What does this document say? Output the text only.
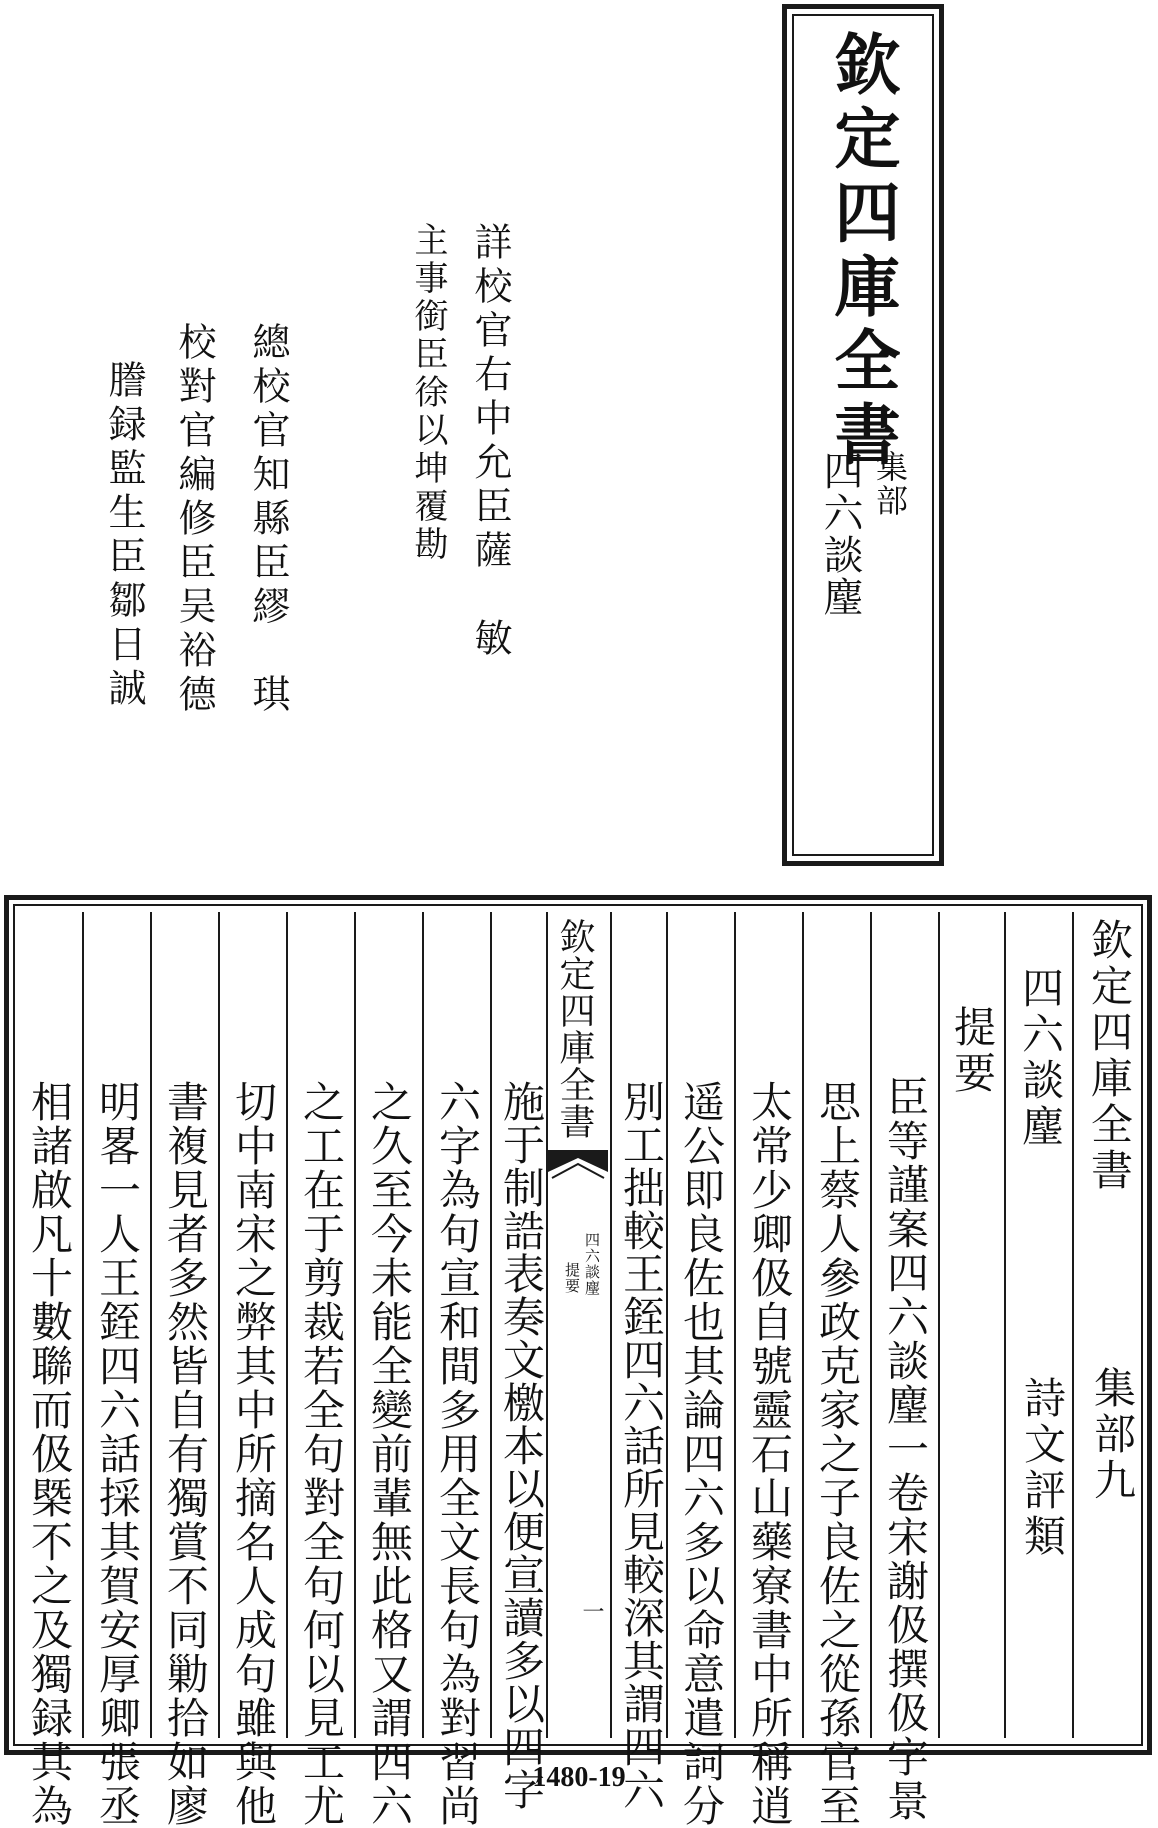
欽定四庫全書
集部
四六談麈
詳校官右中允臣薩　敏
主事銜臣徐以坤覆勘
總校官知縣臣繆　琪
校對官編修臣吴裕德
謄録監生臣鄒日誠
欽定四庫全書
集部九
四六談麈
詩文評類
提要
臣等謹案四六談麈一卷宋謝伋撰伋字景
思上蔡人參政克家之子良佐之從孫官至
太常少卿伋自號靈石山藥寮書中所稱逍
遥公即良佐也其論四六多以命意遣詞分
別工拙較王銍四六話所見較深其謂四六
施于制誥表奏文檄本以便宣讀多以四字
六字為句宣和間多用全文長句為對習尚
之久至今未能全變前輩無此格又謂四六
之工在于剪裁若全句對全句何以見工尤
切中南宋之弊其中所摘名人成句雖與他
書複見者多然皆自有獨賞不同勦拾如廖
明畧一人王銍四六話採其賀安厚卿張丞
相諸啟凡十數聯而伋槩不之及獨録其為
欽定四庫全書
四六談麈
提要
一
1480-19
